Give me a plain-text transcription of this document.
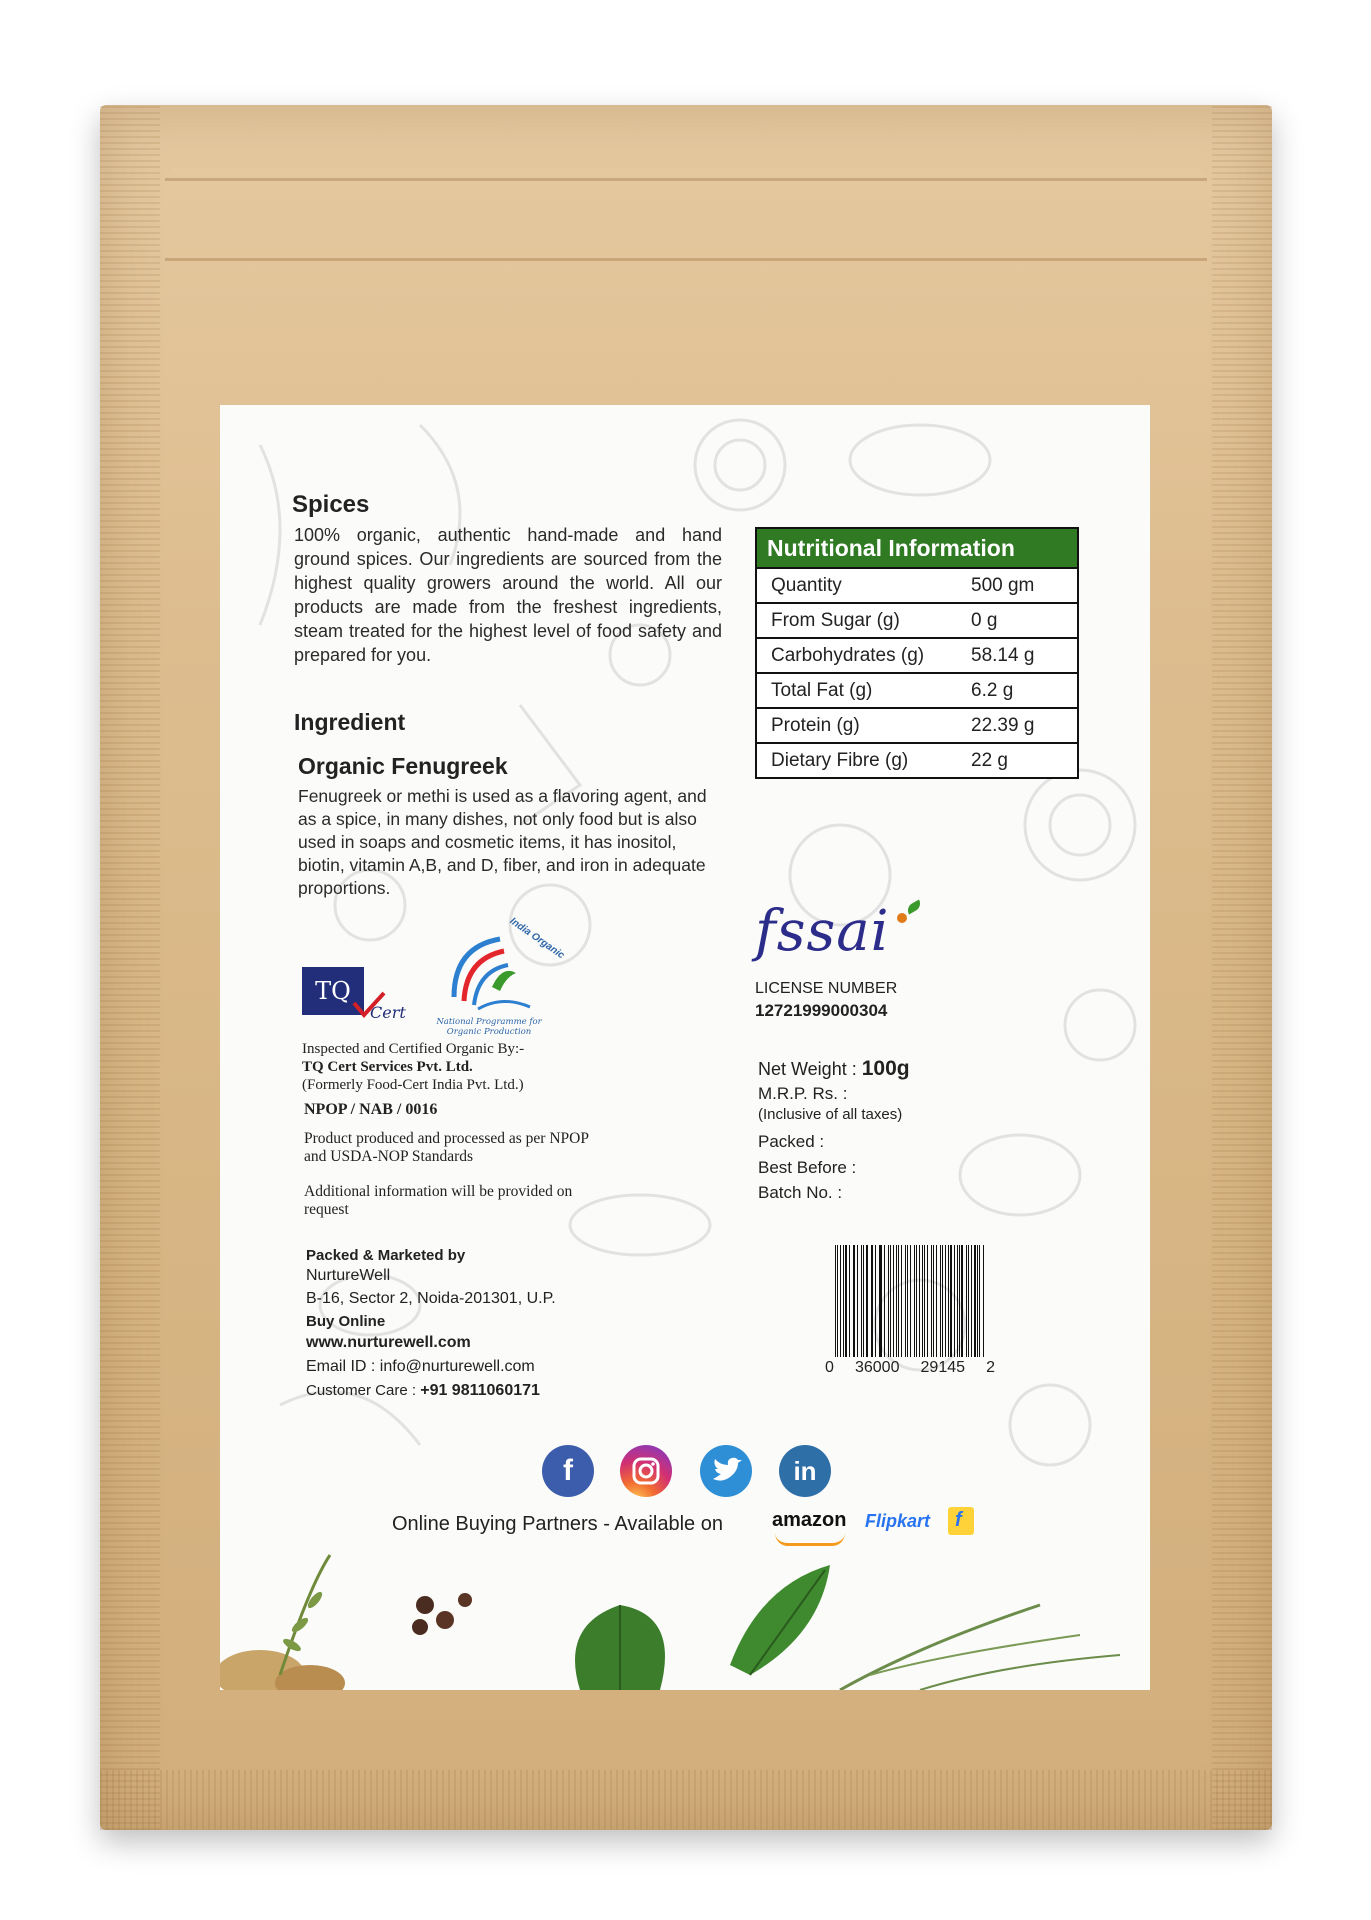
Spices
100% organic, authentic hand-made and hand ground spices. Our ingredients are sourced from the highest quality growers around the world. All our products are made from the freshest ingredients, steam treated for the highest level of food safety and prepared for you.
Ingredient
Organic Fenugreek
Fenugreek or methi is used as a flavoring agent, and as a spice, in many dishes, not only food but is also used in soaps and cosmetic items, it has inositol, biotin, vitamin A,B, and D, fiber, and iron in adequate proportions.
Nutritional Information
Quantity	500 gm
From Sugar (g)	0 g
Carbohydrates (g)	58.14 g
Total Fat (g)	6.2 g
Protein (g)	22.39 g
Dietary Fibre (g)	22 g
fssai
LICENSE NUMBER
12721999000304
Net Weight : 100g
M.R.P. Rs. :
(Inclusive of all taxes)
Packed :
Best Before :
Batch No. :
0 36000 29145 2
TQ
Cert
India Organic
National Programme for Organic Production
Inspected and Certified Organic By:-
TQ Cert Services Pvt. Ltd.
(Formerly Food-Cert India Pvt. Ltd.)
NPOP / NAB / 0016
Product produced and processed as per NPOP and USDA-NOP Standards
Additional information will be provided on request
Packed & Marketed by
NurtureWell
B-16, Sector 2, Noida-201301, U.P.
Buy Online
www.nurturewell.com
Email ID : info@nurturewell.com
Customer Care : +91 9811060171
f	in
Online Buying Partners - Available on amazon Flipkart f
